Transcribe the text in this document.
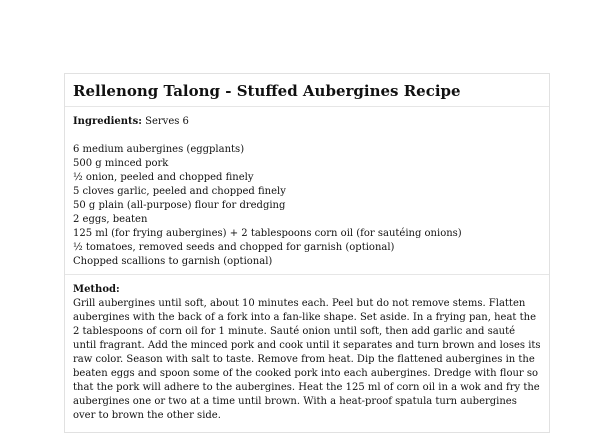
Rellenong Talong - Stuffed Aubergines Recipe
Ingredients: Serves 6
6 medium aubergines (eggplants)
500 g minced pork
½ onion, peeled and chopped finely
5 cloves garlic, peeled and chopped finely
50 g plain (all-purpose) flour for dredging
2 eggs, beaten
125 ml (for frying aubergines) + 2 tablespoons corn oil (for sautéing onions)
½ tomatoes, removed seeds and chopped for garnish (optional)
Chopped scallions to garnish (optional)
Method:

Grill aubergines until soft, about 10 minutes each. Peel but do not remove stems. Flatten aubergines with the back of a fork into a fan-like shape. Set aside. In a frying pan, heat the 2 tablespoons of corn oil for 1 minute. Sauté onion until soft, then add garlic and sauté until fragrant. Add the minced pork and cook until it separates and turn brown and loses its raw color. Season with salt to taste. Remove from heat. Dip the flattened aubergines in the beaten eggs and spoon some of the cooked pork into each aubergines. Dredge with flour so that the pork will adhere to the aubergines. Heat the 125 ml of corn oil in a wok and fry the aubergines one or two at a time until brown. With a heat-proof spatula turn aubergines over to brown the other side.
